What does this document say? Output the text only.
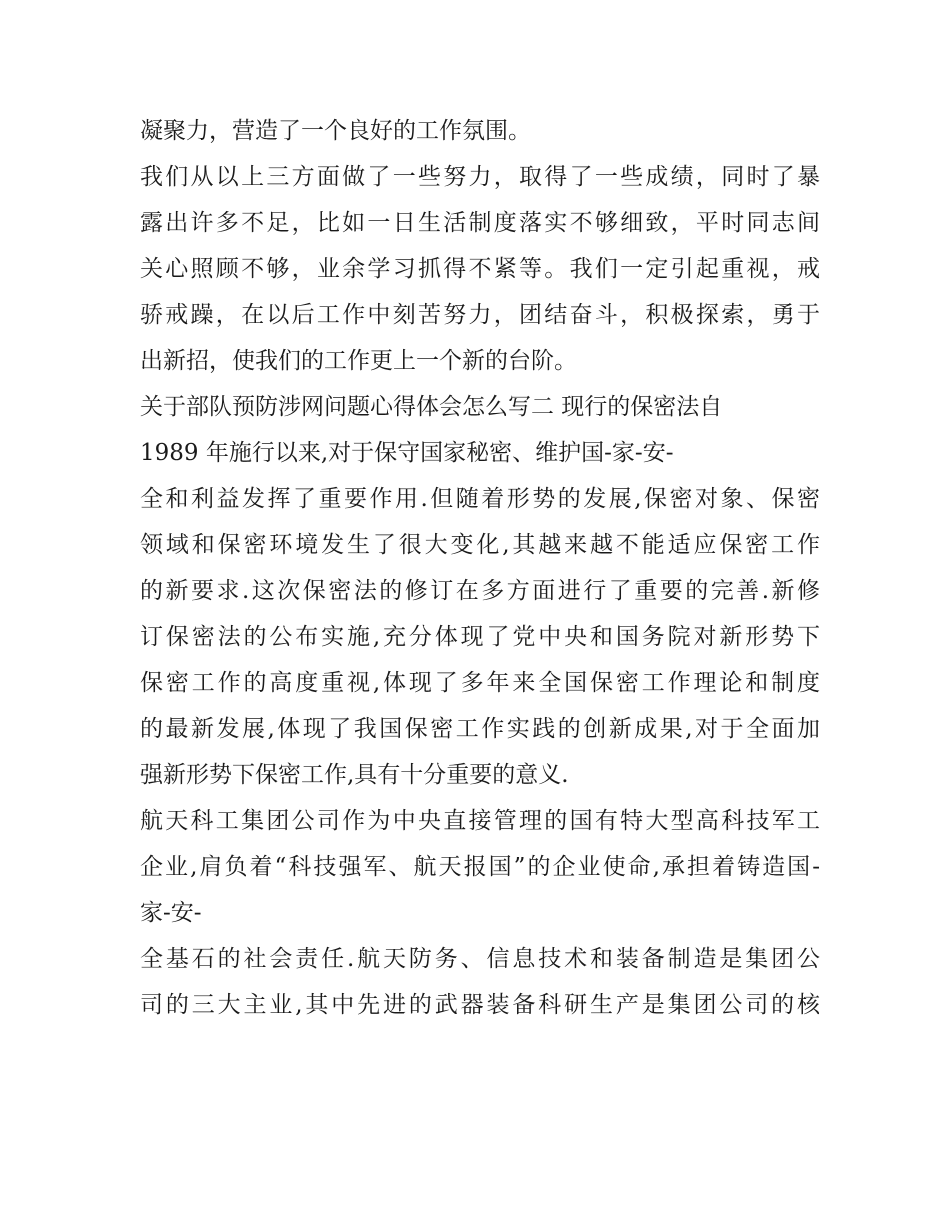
凝聚力，营造了一个良好的工作氛围。
我们从以上三方面做了一些努力，取得了一些成绩，同时了暴
露出许多不足，比如一日生活制度落实不够细致，平时同志间
关心照顾不够，业余学习抓得不紧等。我们一定引起重视，戒
骄戒躁，在以后工作中刻苦努力，团结奋斗，积极探索，勇于
出新招，使我们的工作更上一个新的台阶。
关于部队预防涉网问题心得体会怎么写二 现行的保密法自
1989 年施行以来,对于保守国家秘密、维护国-家-安-
全和利益发挥了重要作用.但随着形势的发展,保密对象、保密
领域和保密环境发生了很大变化,其越来越不能适应保密工作
的新要求.这次保密法的修订在多方面进行了重要的完善.新修
订保密法的公布实施,充分体现了党中央和国务院对新形势下
保密工作的高度重视,体现了多年来全国保密工作理论和制度
的最新发展,体现了我国保密工作实践的创新成果,对于全面加
强新形势下保密工作,具有十分重要的意义.
航天科工集团公司作为中央直接管理的国有特大型高科技军工
企业,肩负着“科技强军、航天报国”的企业使命,承担着铸造国-
家-安-
全基石的社会责任.航天防务、信息技术和装备制造是集团公
司的三大主业,其中先进的武器装备科研生产是集团公司的核
